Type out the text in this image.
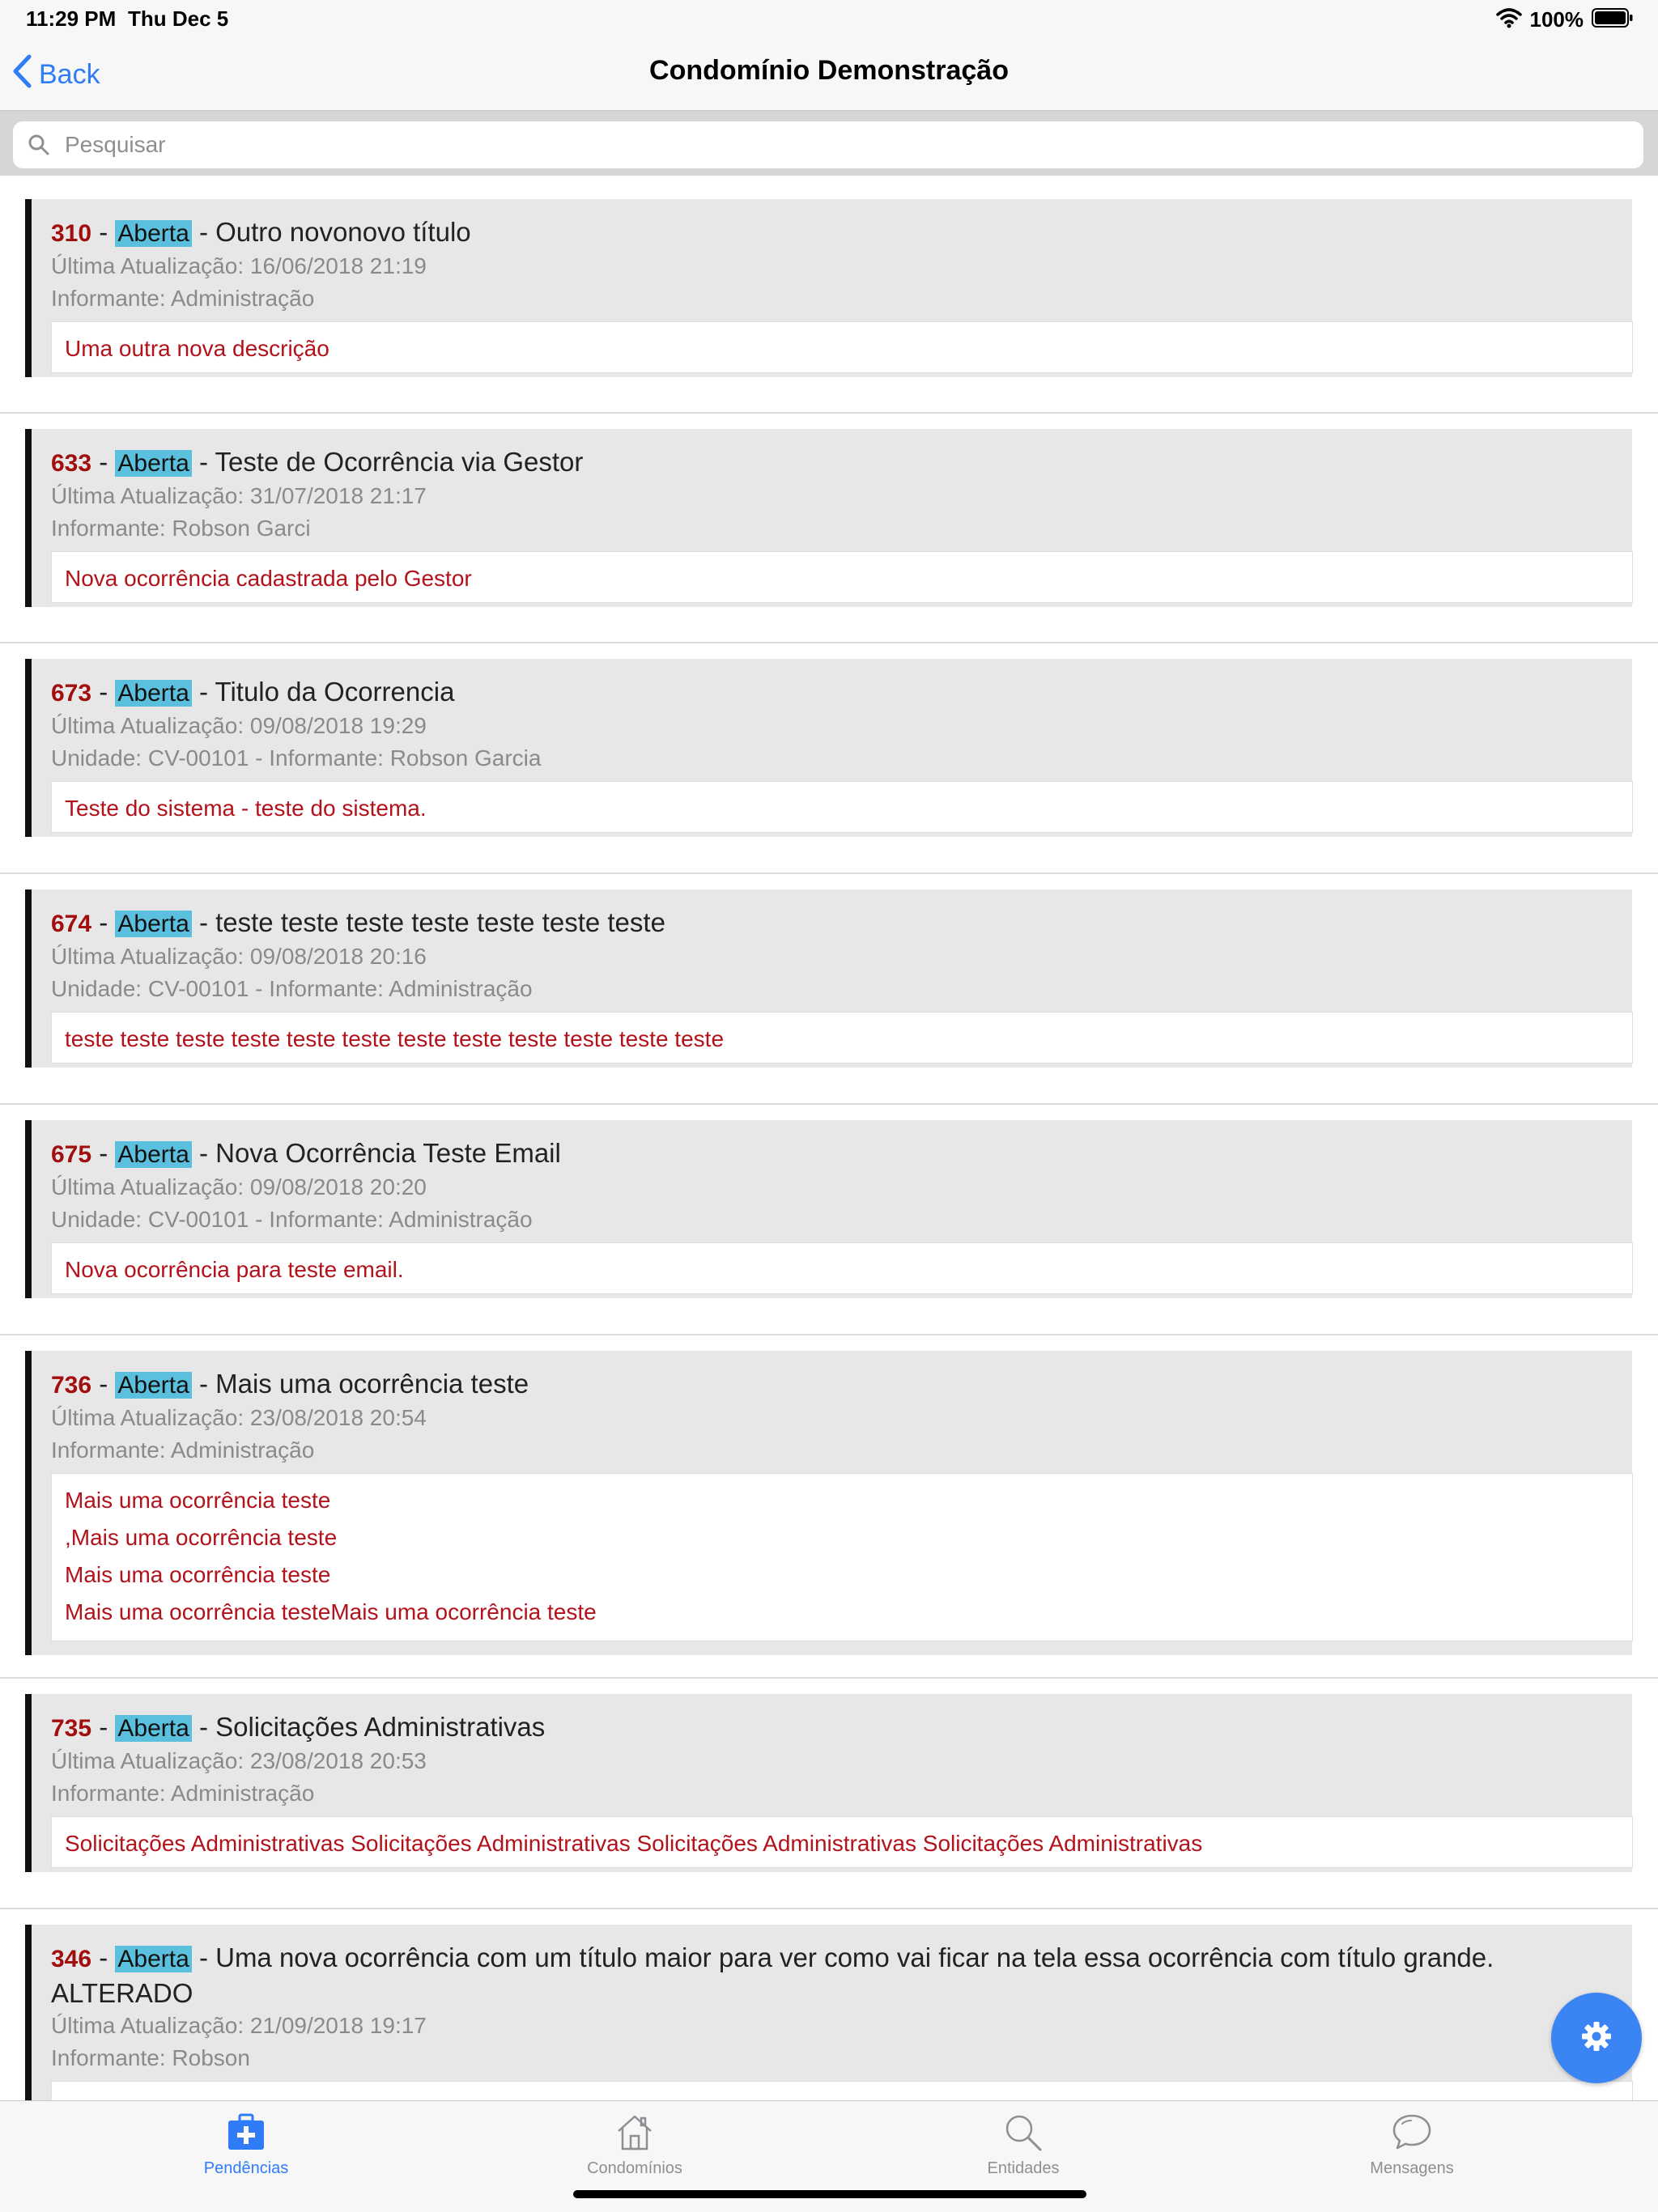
11:29 PM Thu Dec 5	100%
Back	Condomínio Demonstração
Pesquisar
310 - Aberta - Outro novonovo título
Última Atualização: 16/06/2018 21:19
Informante: Administração
Uma outra nova descrição
633 - Aberta - Teste de Ocorrência via Gestor
Última Atualização: 31/07/2018 21:17
Informante: Robson Garci
Nova ocorrência cadastrada pelo Gestor
673 - Aberta - Titulo da Ocorrencia
Última Atualização: 09/08/2018 19:29
Unidade: CV-00101 - Informante: Robson Garcia
Teste do sistema - teste do sistema.
674 - Aberta - teste teste teste teste teste teste teste
Última Atualização: 09/08/2018 20:16
Unidade: CV-00101 - Informante: Administração
teste teste teste teste teste teste teste teste teste teste teste teste
675 - Aberta - Nova Ocorrência Teste Email
Última Atualização: 09/08/2018 20:20
Unidade: CV-00101 - Informante: Administração
Nova ocorrência para teste email.
736 - Aberta - Mais uma ocorrência teste
Última Atualização: 23/08/2018 20:54
Informante: Administração
Mais uma ocorrência teste
,Mais uma ocorrência teste
Mais uma ocorrência teste
Mais uma ocorrência testeMais uma ocorrência teste
735 - Aberta - Solicitações Administrativas
Última Atualização: 23/08/2018 20:53
Informante: Administração
Solicitações Administrativas Solicitações Administrativas Solicitações Administrativas Solicitações Administrativas
346 - Aberta - Uma nova ocorrência com um título maior para ver como vai ficar na tela essa ocorrência com título grande. ALTERADO
Última Atualização: 21/09/2018 19:17
Informante: Robson
Pendências	Condomínios	Entidades	Mensagens
